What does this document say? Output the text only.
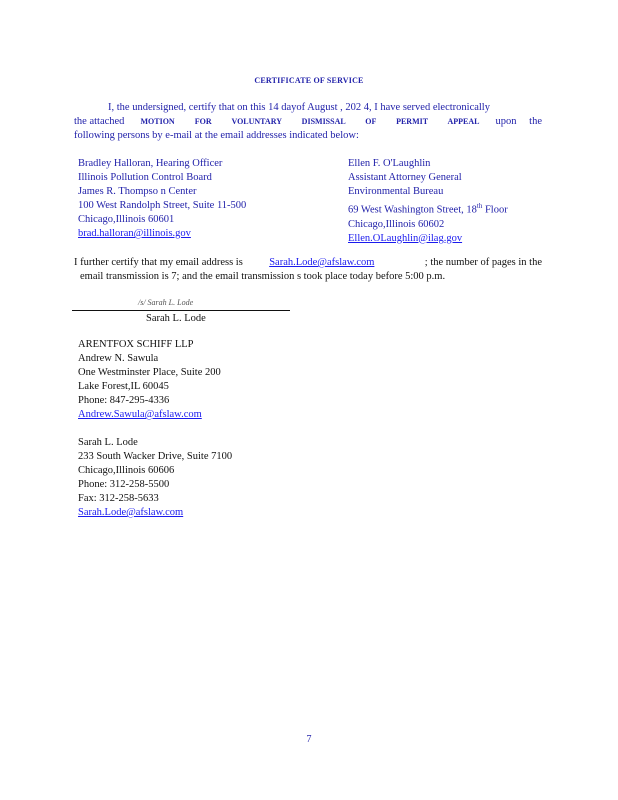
CERTIFICATE OF SERVICE
I, the undersigned, certify that on this 14 dayof August , 202 4, I have served electronically
the attached MOTION FOR VOLUNTARY DISMISSAL OF PERMIT APPEAL upon the
following persons by e-mail at the email addresses indicated below:
Bradley Halloran, Hearing Officer
Illinois Pollution Control Board
James R. Thompso n Center
100 West Randolph Street, Suite 11-500
Chicago,Illinois 60601
brad.halloran@illinois.gov
Ellen F. O'Laughlin
Assistant Attorney General
Environmental Bureau
69 West Washington Street, 18th Floor
Chicago,Illinois 60602
Ellen.OLaughlin@ilag.gov
I further certify that my email address is	Sarah.Lode@afslaw.com	; the number of pages in the
email transmission is 7; and the email transmission s took place today before 5:00 p.m.
/s/ Sarah L. Lode
Sarah L. Lode
ARENTFOX SCHIFF LLP
Andrew N. Sawula
One Westminster Place, Suite 200
Lake Forest,IL 60045
Phone: 847-295-4336
Andrew.Sawula@afslaw.com
Sarah L. Lode
233 South Wacker Drive, Suite 7100
Chicago,Illinois 60606
Phone: 312-258-5500
Fax: 312-258-5633
Sarah.Lode@afslaw.com
7
